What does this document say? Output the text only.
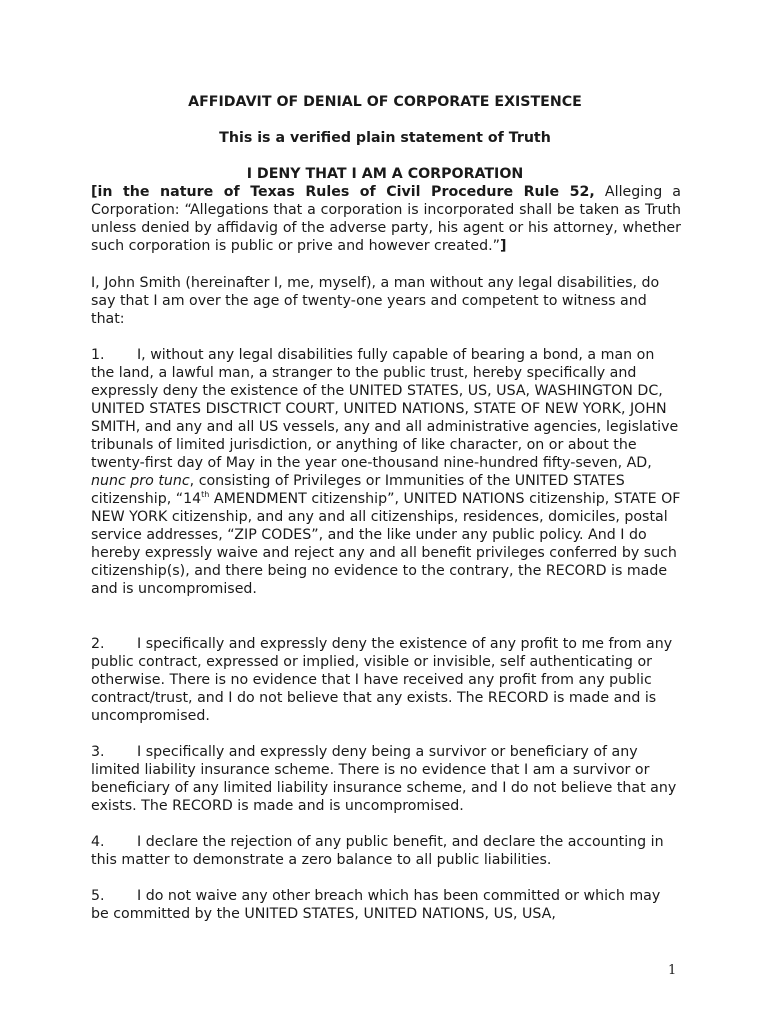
AFFIDAVIT OF DENIAL OF CORPORATE EXISTENCE
This is a verified plain statement of Truth
I DENY THAT I AM A CORPORATION
[in the nature of Texas Rules of Civil Procedure Rule 52, Alleging a Corporation: “Allegations that a corporation is incorporated shall be taken as Truth unless denied by affidavig of the adverse party, his agent or his attorney, whether such corporation is public or prive and however created.”]
I, John Smith (hereinafter I, me, myself), a man without any legal disabilities, do say that I am over the age of twenty-one years and competent to witness and that:
1. I, without any legal disabilities fully capable of bearing a bond, a man on the land, a lawful man, a stranger to the public trust, hereby specifically and expressly deny the existence of the UNITED STATES, US, USA, WASHINGTON DC, UNITED STATES DISCTRICT COURT, UNITED NATIONS, STATE OF NEW YORK, JOHN SMITH, and any and all US vessels, any and all administrative agencies, legislative tribunals of limited jurisdiction, or anything of like character, on or about the twenty-first day of May in the year one-thousand nine-hundred fifty-seven, AD, nunc pro tunc, consisting of Privileges or Immunities of the UNITED STATES citizenship, “14th AMENDMENT citizenship”, UNITED NATIONS citizenship, STATE OF NEW YORK citizenship, and any and all citizenships, residences, domiciles, postal service addresses, “ZIP CODES”, and the like under any public policy. And I do hereby expressly waive and reject any and all benefit privileges conferred by such citizenship(s), and there being no evidence to the contrary, the RECORD is made and is uncompromised.
2. I specifically and expressly deny the existence of any profit to me from any public contract, expressed or implied, visible or invisible, self authenticating or otherwise. There is no evidence that I have received any profit from any public contract/trust, and I do not believe that any exists. The RECORD is made and is uncompromised.
3. I specifically and expressly deny being a survivor or beneficiary of any limited liability insurance scheme. There is no evidence that I am a survivor or beneficiary of any limited liability insurance scheme, and I do not believe that any exists. The RECORD is made and is uncompromised.
4. I declare the rejection of any public benefit, and declare the accounting in this matter to demonstrate a zero balance to all public liabilities.
5. I do not waive any other breach which has been committed or which may be committed by the UNITED STATES, UNITED NATIONS, US, USA,
1
